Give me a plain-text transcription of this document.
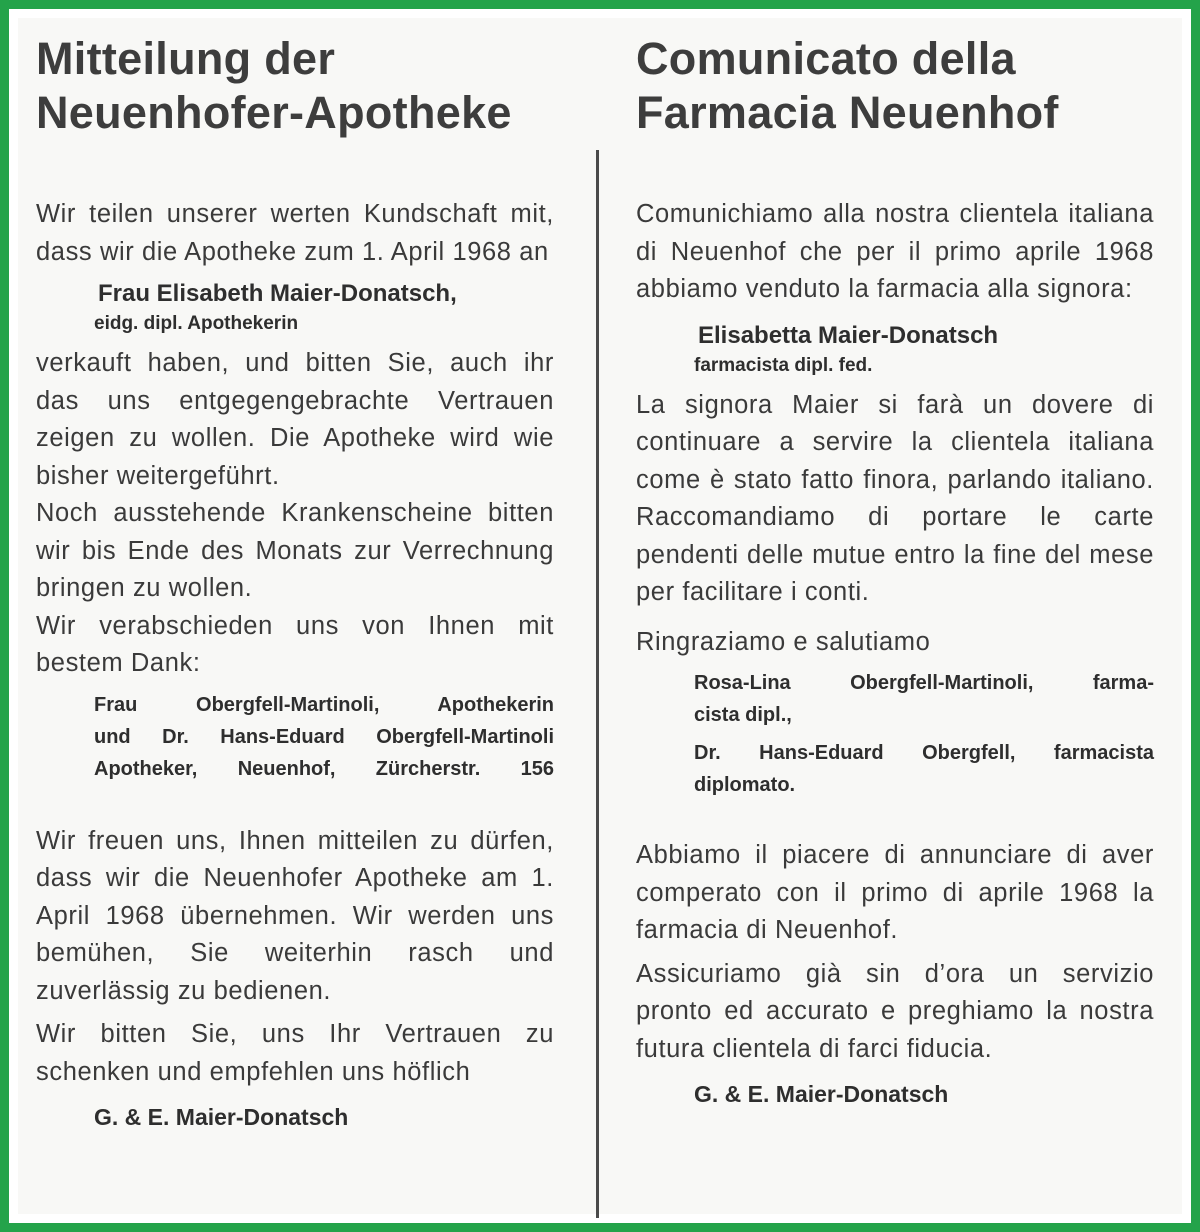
Mitteilung der
Neuenhofer-Apotheke

Wir teilen unserer werten Kundschaft mit, dass wir die Apotheke zum 1. April 1968 an

Frau Elisabeth Maier-Donatsch,

eidg. dipl. Apothekerin

verkauft haben, und bitten Sie, auch ihr das uns entgegengebrachte Vertrauen zeigen zu wollen. Die Apotheke wird wie bisher weitergeführt.

Noch ausstehende Krankenscheine bitten wir bis Ende des Monats zur Verrechnung bringen zu wollen.

Wir verabschieden uns von Ihnen mit bestem Dank:

Frau Obergfell-Martinoli, Apothekerin

und Dr. Hans-Eduard Obergfell-Martinoli

Apotheker, Neuenhof, Zürcherstr. 156

Wir freuen uns, Ihnen mitteilen zu dürfen, dass wir die Neuenhofer Apotheke am 1. April 1968 übernehmen. Wir werden uns bemühen, Sie weiterhin rasch und zuverlässig zu bedienen.

Wir bitten Sie, uns Ihr Vertrauen zu schenken und empfehlen uns höflich

G. & E. Maier-Donatsch

Comunicato della
Farmacia Neuenhof

Comunichiamo alla nostra clientela italiana di Neuenhof che per il primo aprile 1968 abbiamo venduto la farmacia alla signora:

Elisabetta Maier-Donatsch

farmacista dipl. fed.

La signora Maier si farà un dovere di continuare a servire la clientela italiana come è stato fatto finora, parlando italiano. Raccomandiamo di portare le carte pendenti delle mutue entro la fine del mese per facilitare i conti.

Ringraziamo e salutiamo

Rosa-Lina Obergfell-Martinoli, farma-

cista dipl.,

Dr. Hans-Eduard Obergfell, farmacista

diplomato.

Abbiamo il piacere di annunciare di aver comperato con il primo di aprile 1968 la farmacia di Neuenhof.

Assicuriamo già sin d’ora un servizio pronto ed accurato e preghiamo la nostra futura clientela di farci fiducia.

G. & E. Maier-Donatsch
